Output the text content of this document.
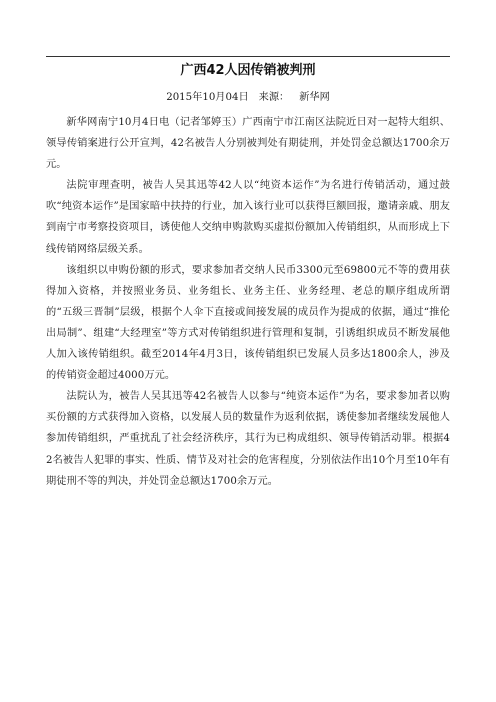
广西42人因传销被判刑
2015年10月04日 来源： 新华网

新华网南宁10月4日电（记者邹婷玉）广西南宁市江南区法院近日对一起特大组织、领导传销案进行公开宣判，42名被告人分别被判处有期徒刑，并处罚金总额达1700余万元。

法院审理查明，被告人吴其迅等42人以“纯资本运作”为名进行传销活动，通过鼓吹“纯资本运作”是国家暗中扶持的行业，加入该行业可以获得巨额回报，邀请亲戚、朋友到南宁市考察投资项目，诱使他人交纳申购款购买虚拟份额加入传销组织，从而形成上下线传销网络层级关系。

该组织以申购份额的形式，要求参加者交纳人民币3300元至69800元不等的费用获得加入资格，并按照业务员、业务组长、业务主任、业务经理、老总的顺序组成所谓的“五级三晋制”层级，根据个人伞下直接或间接发展的成员作为提成的依据，通过“推伦出局制”、组建“大经理室”等方式对传销组织进行管理和复制，引诱组织成员不断发展他人加入该传销组织。截至2014年4月3日，该传销组织已发展人员多达1800余人，涉及的传销资金超过4000万元。

法院认为，被告人吴其迅等42名被告人以参与“纯资本运作”为名，要求参加者以购买份额的方式获得加入资格，以发展人员的数量作为返利依据，诱使参加者继续发展他人参加传销组织，严重扰乱了社会经济秩序，其行为已构成组织、领导传销活动罪。根据42名被告人犯罪的事实、性质、情节及对社会的危害程度，分别依法作出10个月至10年有期徒刑不等的判决，并处罚金总额达1700余万元。
